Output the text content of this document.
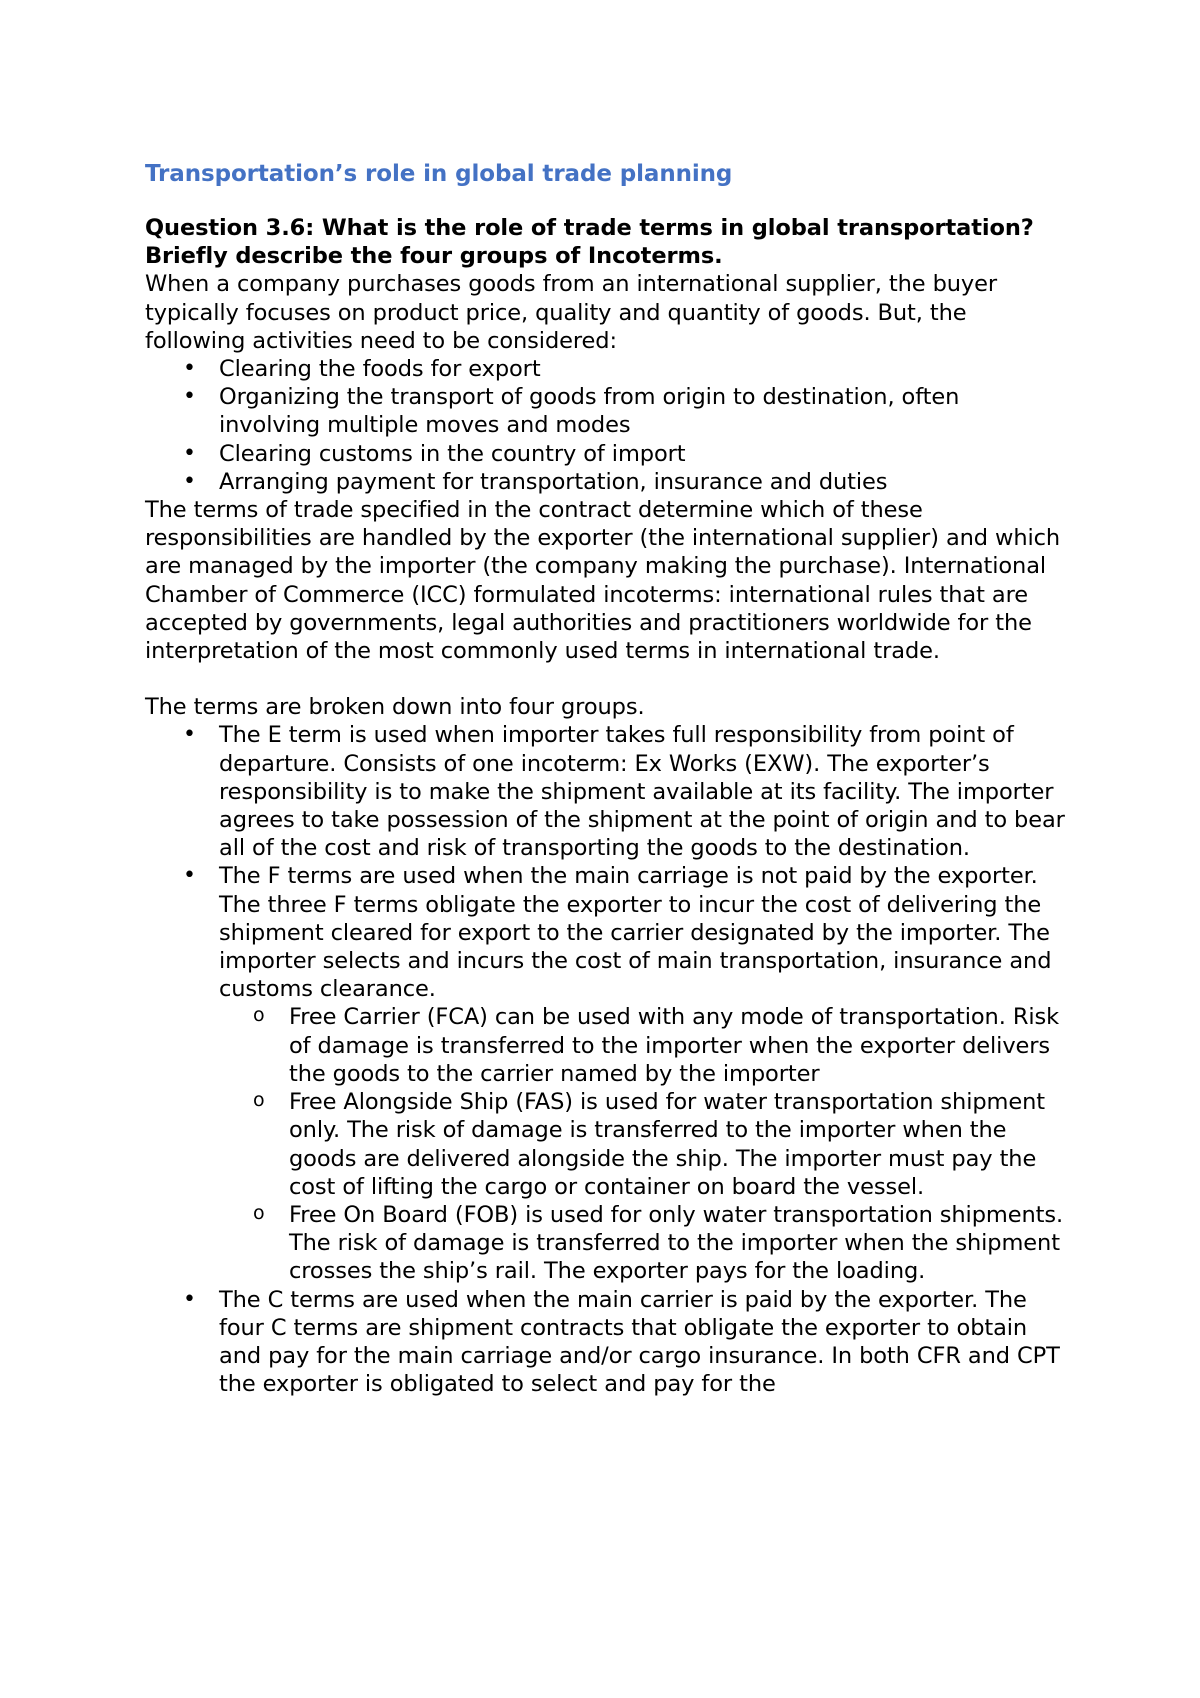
Transportation’s role in global trade planning

Question 3.6: What is the role of trade terms in global transportation? Briefly describe the four groups of Incoterms.

When a company purchases goods from an international supplier, the buyer typically focuses on product price, quality and quantity of goods. But, the following activities need to be considered:

• Clearing the foods for export
• Organizing the transport of goods from origin to destination, often involving multiple moves and modes
• Clearing customs in the country of import
• Arranging payment for transportation, insurance and duties

The terms of trade specified in the contract determine which of these responsibilities are handled by the exporter (the international supplier) and which are managed by the importer (the company making the purchase). International Chamber of Commerce (ICC) formulated incoterms: international rules that are accepted by governments, legal authorities and practitioners worldwide for the interpretation of the most commonly used terms in international trade.

The terms are broken down into four groups.

• The E term is used when importer takes full responsibility from point of departure. Consists of one incoterm: Ex Works (EXW). The exporter’s responsibility is to make the shipment available at its facility. The importer agrees to take possession of the shipment at the point of origin and to bear all of the cost and risk of transporting the goods to the destination.
• The F terms are used when the main carriage is not paid by the exporter. The three F terms obligate the exporter to incur the cost of delivering the shipment cleared for export to the carrier designated by the importer. The importer selects and incurs the cost of main transportation, insurance and customs clearance.
o Free Carrier (FCA) can be used with any mode of transportation. Risk of damage is transferred to the importer when the exporter delivers the goods to the carrier named by the importer
o Free Alongside Ship (FAS) is used for water transportation shipment only. The risk of damage is transferred to the importer when the goods are delivered alongside the ship. The importer must pay the cost of lifting the cargo or container on board the vessel.
o Free On Board (FOB) is used for only water transportation shipments. The risk of damage is transferred to the importer when the shipment crosses the ship’s rail. The exporter pays for the loading.
• The C terms are used when the main carrier is paid by the exporter. The four C terms are shipment contracts that obligate the exporter to obtain and pay for the main carriage and/or cargo insurance. In both CFR and CPT the exporter is obligated to select and pay for the
